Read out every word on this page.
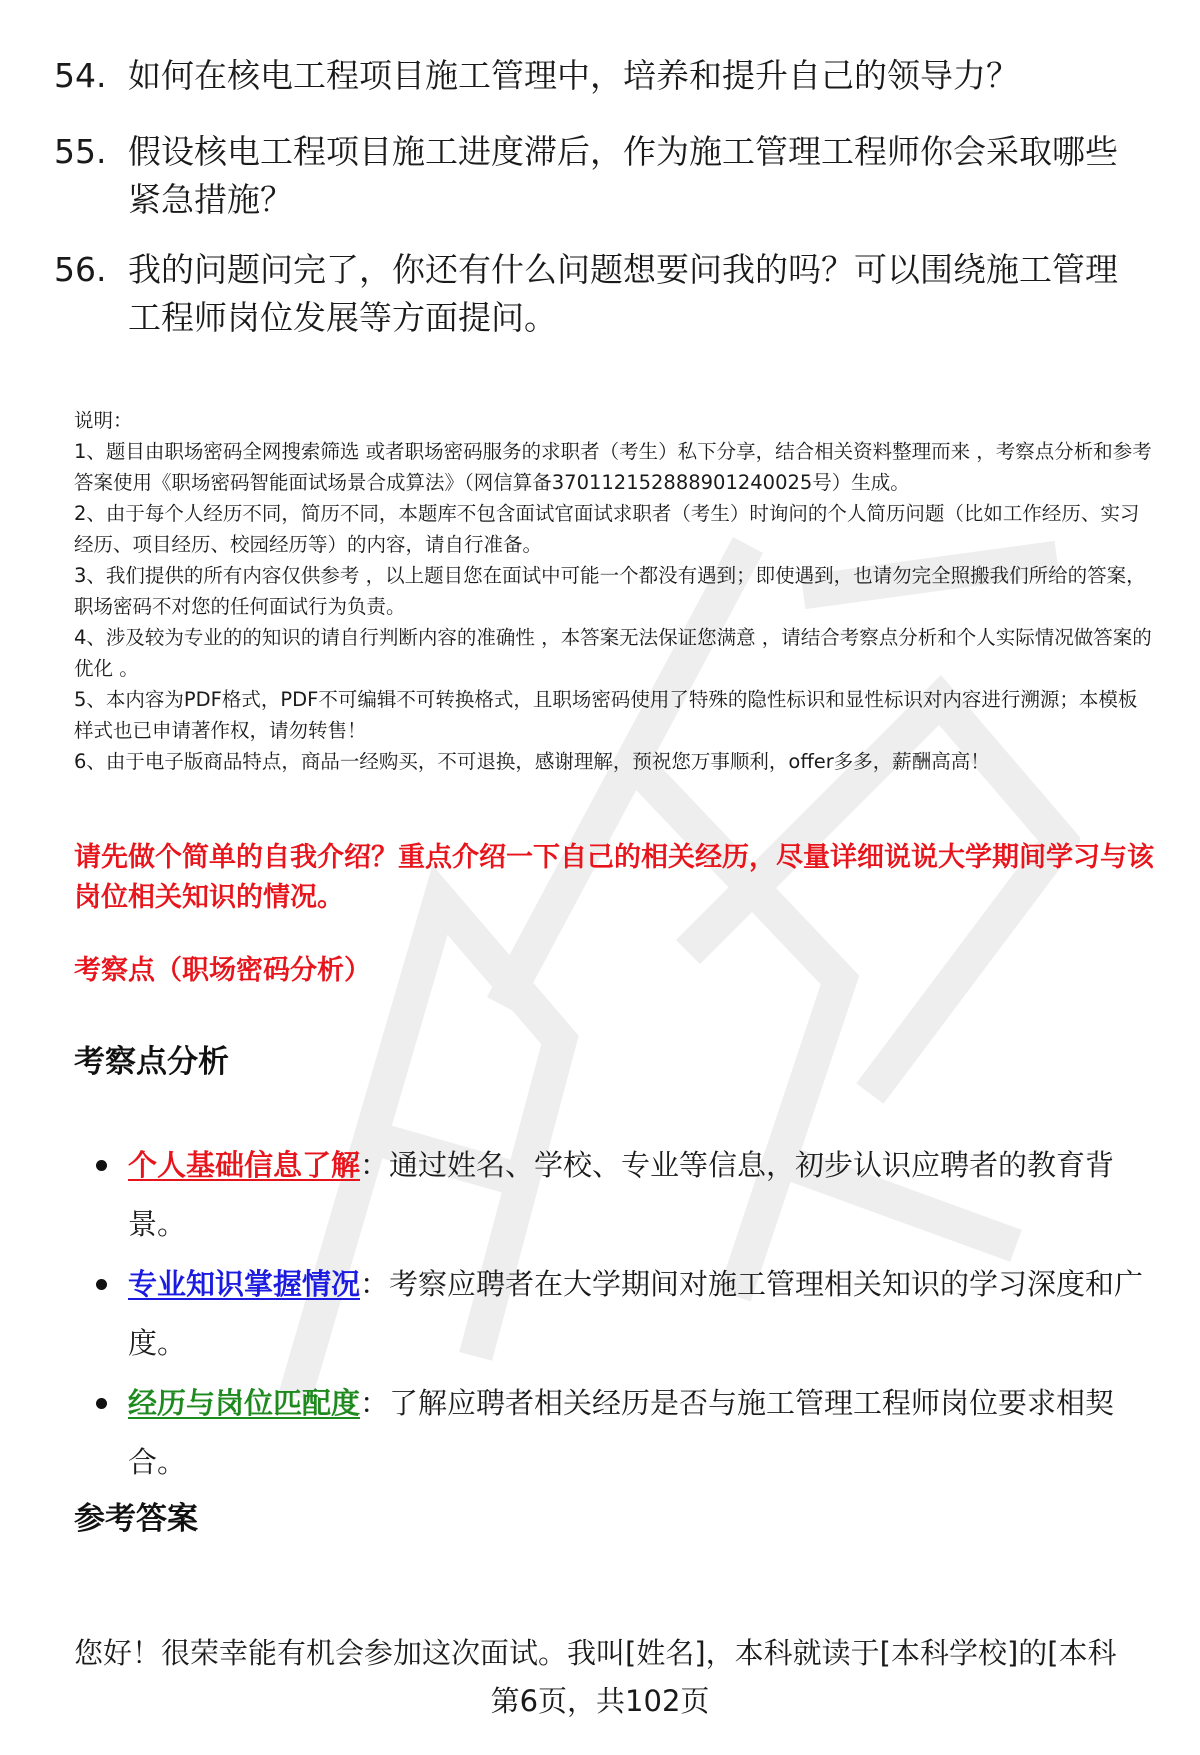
54. 如何在核电工程项目施工管理中，培养和提升自己的领导力？
55. 假设核电工程项目施工进度滞后，作为施工管理工程师你会采取哪些紧急措施？
56. 我的问题问完了，你还有什么问题想要问我的吗？可以围绕施工管理工程师岗位发展等方面提问。

说明：

1、题目由职场密码全网搜索筛选 或者职场密码服务的求职者（考生）私下分享，结合相关资料整理而来 ，考察点分析和参考答案使用《职场密码智能面试场景合成算法》（网信算备370112152888901240025号）生成。

2、由于每个人经历不同，简历不同，本题库不包含面试官面试求职者（考生）时询问的个人简历问题（比如工作经历、实习经历、项目经历、校园经历等）的内容，请自行准备。

3、我们提供的所有内容仅供参考 ，以上题目您在面试中可能一个都没有遇到；即使遇到，也请勿完全照搬我们所给的答案，职场密码不对您的任何面试行为负责。

4、涉及较为专业的的知识的请自行判断内容的准确性 ，本答案无法保证您满意 ，请结合考察点分析和个人实际情况做答案的优化 。

5、本内容为PDF格式，PDF不可编辑不可转换格式，且职场密码使用了特殊的隐性标识和显性标识对内容进行溯源；本模板样式也已申请著作权，请勿转售！

6、由于电子版商品特点，商品一经购买，不可退换，感谢理解，预祝您万事顺利，offer多多，薪酬高高！

请先做个简单的自我介绍？重点介绍一下自己的相关经历，尽量详细说说大学期间学习与该岗位相关知识的情况。
考察点（职场密码分析）
考察点分析
个人基础信息了解：通过姓名、学校、专业等信息，初步认识应聘者的教育背景。
专业知识掌握情况：考察应聘者在大学期间对施工管理相关知识的学习深度和广度。
经历与岗位匹配度：了解应聘者相关经历是否与施工管理工程师岗位要求相契合。
参考答案
您好！很荣幸能有机会参加这次面试。我叫[姓名]，本科就读于[本科学校]的[本科
第6页，共102页
